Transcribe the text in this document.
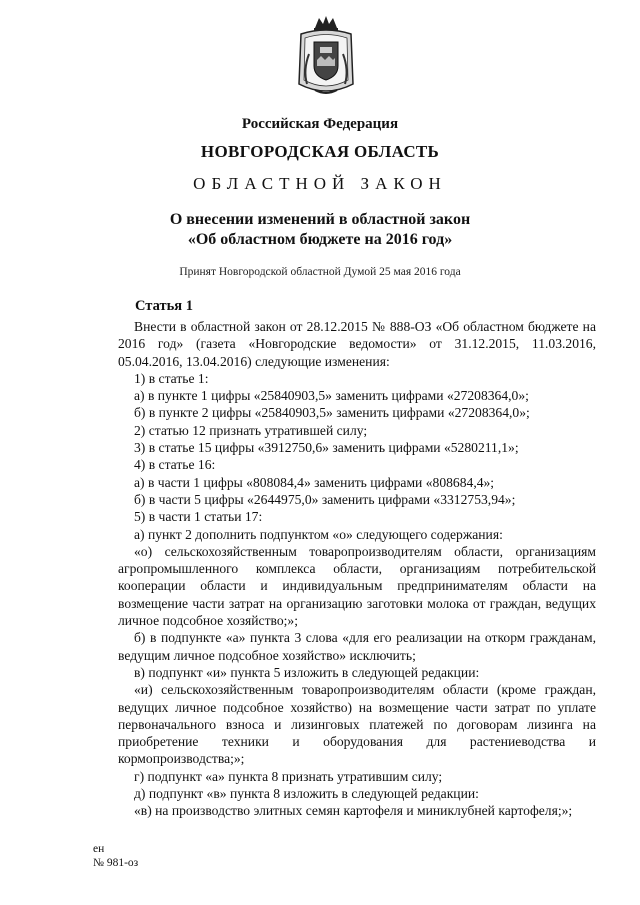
Российская Федерация
НОВГОРОДСКАЯ ОБЛАСТЬ
ОБЛАСТНОЙ ЗАКОН
О внесении изменений в областной закон
«Об областном бюджете на 2016 год»
Принят Новгородской областной Думой 25 мая 2016 года
Статья 1

Внести в областной закон от 28.12.2015 № 888-ОЗ «Об областном бюджете на 2016 год» (газета «Новгородские ведомости» от 31.12.2015, 11.03.2016, 05.04.2016, 13.04.2016) следующие изменения:

1) в статье 1:

а) в пункте 1 цифры «25840903,5» заменить цифрами «27208364,0»;

б) в пункте 2 цифры «25840903,5» заменить цифрами «27208364,0»;

2) статью 12 признать утратившей силу;

3) в статье 15 цифры «3912750,6» заменить цифрами «5280211,1»;

4) в статье 16:

а) в части 1 цифры «808084,4» заменить цифрами «808684,4»;

б) в части 5 цифры «2644975,0» заменить цифрами «3312753,94»;

5) в части 1 статьи 17:

а) пункт 2 дополнить подпунктом «о» следующего содержания:

«о) сельскохозяйственным товаропроизводителям области, организациям агропромышленного комплекса области, организациям потребительской кооперации области и индивидуальным предпринимателям области на возмещение части затрат на организацию заготовки молока от граждан, ведущих личное подсобное хозяйство;»;

б) в подпункте «а» пункта 3 слова «для его реализации на откорм гражданам, ведущим личное подсобное хозяйство» исключить;

в) подпункт «и» пункта 5 изложить в следующей редакции:

«и) сельскохозяйственным товаропроизводителям области (кроме граждан, ведущих личное подсобное хозяйство) на возмещение части затрат по уплате первоначального взноса и лизинговых платежей по договорам лизинга на приобретение техники и оборудования для растениеводства и кормопроизводства;»;

г) подпункт «а» пункта 8 признать утратившим силу;

д) подпункт «в» пункта 8 изложить в следующей редакции:

«в) на производство элитных семян картофеля и миниклубней картофеля;»;

ен
№ 981-оз
